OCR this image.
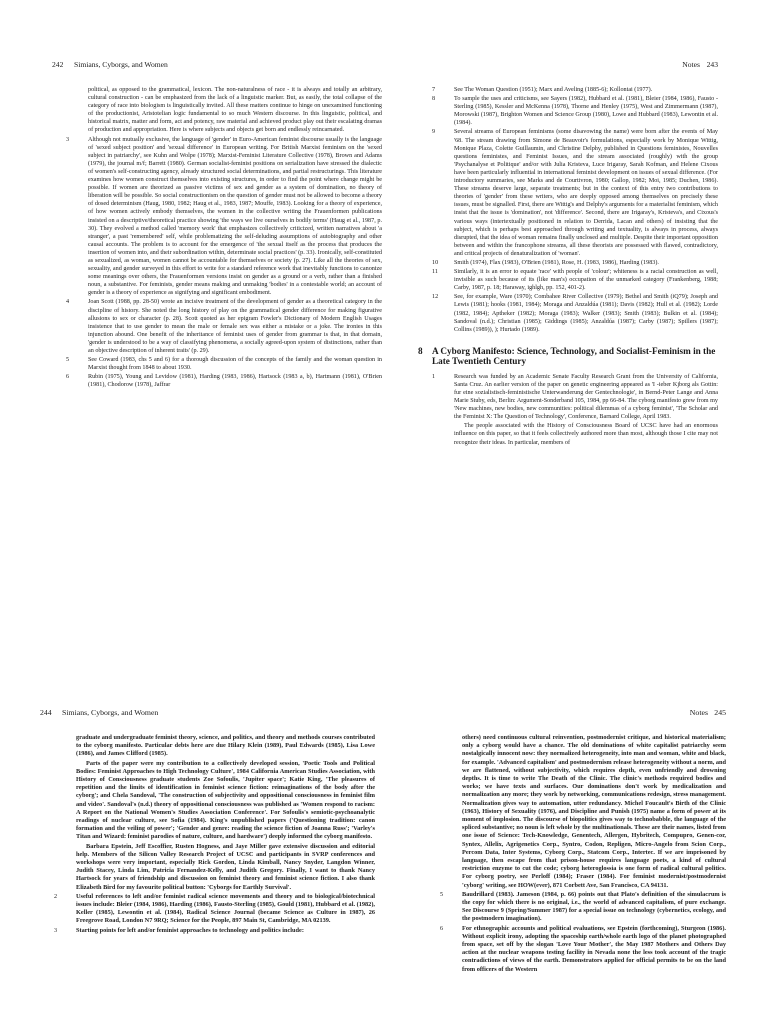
242 Simians, Cyborgs, and Women

political, as opposed to the grammatical, lexicon. The non-naturalness of race - it is always and totally an arbitrary, cultural construction - can be emphasized from the lack of a linguistic marker. But, as easily, the total collapse of the category of race into biologism is linguistically invited. All these matters continue to hinge on unexamined functioning of the productionist, Aristotelian logic fundamental to so much Western discourse. In this linguistic, political, and historical matrix, matter and form, act and potency, raw material and achieved product play out their escalating dramas of production and appropriation. Here is where subjects and objects get born and endlessly reincarnated.

3	Although not mutually exclusive, the language of 'gender' in Euro-American feminist discourse usually is the language of 'sexed subject position' and 'sexual difference' in European writing. For British Marxist feminism on the 'sexed subject in patriarchy', see Kuhn and Wolpe (1978); Marxist-Feminist Literature Collective (1978), Brown and Adams (1979), the journal m/f; Barrett (1980). German socialist-feminist positions on serialization have stressed the dialectic of women's self-constructing agency, already structured social determinations, and partial restructurings. This literature examines how women construct themselves into existing structures, in order to find the point where change might be possible. If women are theorized as passive victims of sex and gender as a system of domination, no theory of liberation will be possible. So social constructionism on the question of gender must not be allowed to become a theory of dosed determinism (Haug, 1980, 1982; Haug et al., 1983, 1987; Mouffe, 1983). Looking for a theory of experience, of how women actively embody themselves, the women in the collective writing the Frauenformen publications insisted on a descriptive/theoretical practice showing 'the ways we live ourselves in bodily terms' (Haug et al., 1987, p. 30). They evolved a method called 'memory work' that emphasizes collectively criticized, written narratives about 'a stranger', a past 'remembered' self, while problematizing the self-deluding assumptions of autobiography and other causal accounts. The problem is to account for the emergence of 'the sexual itself as the process that produces the insertion of women into, and their subordination within, determinate social practices' (p. 33). Ironically, self-constituted as sexualized, as woman, women cannot be accountable for themselves or society (p. 27). Like all the theories of sex, sexuality, and gender surveyed in this effort to write for a standard reference work that inevitably functions to canonize some meanings over others, the Frauenformen versions insist on gender as a ground or a verb, rather than a finished noun, a substantive. For feminists, gender means making and unmaking 'bodies' in a contestable world; an account of gender is a theory of experience as signifying and significant embodiment.

4	Joan Scott (1988, pp. 28-50) wrote an incisive treatment of the development of gender as a theoretical category in the discipline of history. She noted the long history of play on the grammatical gender difference for making figurative allusions to sex or character (p. 28). Scott quoted as her epigram Fowler's Dictionary of Modern English Usages insistence that to use gender to mean the male or female sex was either a mistake or a joke. The ironies in this injunction abound. One benefit of the inheritance of feminist uses of gender from grammar is that, in that domain, 'gender is understood to be a way of classifying phenomena, a socially agreed-upon system of distinctions, rather than an objective description of inherent traits' (p. 29).

5	See Coward (1983, chs 5 and 6) for a thorough discussion of the concepts of the family and the woman question in Marxist thought from 1848 to about 1930.

6	Rubin (1975), Young and Levidow (1981), Harding (1983, 1986), Hartsock (1983 a, b), Hartmann (1981), O'Brien (1981), Chodorow (1978), Jaffrar

Notes 243
7	See The Woman Question (1951); Marx and Aveling (1885-6); Kollontai (1977).

8	To sample the uses and criticisms, see Sayers (1982), Hubbard et al. (1981), Bleier (1984, 1986), Fausto -Sterling (1985), Kessler and McKenna (1978), Thorne and Henley (1975), West and Zimmermann (1987), Morowski (1987), Brighton Women and Science Group (1980), Lowe and Hubbard (1983), Lewontin et al. (1984).

9	Several streams of European feminisms (some disavowing the name) were born after the events of May '68. The stream drawing from Simone de Beauvoir's formulations, especially work by Monique Wittig, Monique Plaza, Colette Guillaumin, and Christine Delphy, published in Questions feministes, Nouvelles questions feministes, and Feminist Issues, and the stream associated (roughly) with the group 'Psychanalyse et Politique' and/or with Julia Kristeva, Luce Irigaray, Sarah Kofman, and Helene Cixous have been particularly influential in international feminist development on issues of sexual difference. (For introductory summaries, see Marks and de Courtivron, 1980; Gallop, 1982; Moi, 1985; Duchen, 1986). These streams deserve large, separate treatments; but in the context of this entry two contributions to theories of 'gender' from these writers, who are deeply opposed among themselves on precisely these issues, must be signalled. First, there are Wittig's and Delphy's arguments for a materialist feminism, which insist that the issue is 'domination', not 'difference'. Second, there are Irigaray's, Kristeva's, and Cixous's various ways (intertextually positioned in relation to Derrida, Lacan and others) of insisting that the subject, which is perhaps best approached through writing and textuality, is always in process, always disrupted, that the idea of woman remains finally unclosed and multiple. Despite their important opposition between and within the francophone streams, all these theorists are possessed with flawed, contradictory, and critical projects of denaturalization of 'woman'.

10	Smith (1974), Flax (1983), O'Brien (1981), Rose, H. (1983, 1986), Harding (1983).

11	Similarly, it is an error to equate 'race' with people of 'colour'; whiteness is a racial construction as well, invisible as such because of its (like man's) occupation of the unmarked category (Frankenberg, 1988; Carby, 1987, p. 18; Haraway, ighlgh, pp. 152, 401-2).

12	See, for example, Ware (1970); Combahee River Collective (1979); Bethel and Smith (iQ79); Joseph and Lewis (1981); hooks (1981, 1984); Moraga and Anzaldúa (1981); Davis (1982); Hull et al. (1982); Lorde (1982, 1984); Aptheker (1982); Moraga (1983); Walker (1983); Smith (1983); Bulkin et al. (1984); Sandoval (n.d.); Christian (1985); Giddings (1985); Anzaldúa (1987); Carby (1987); Spillers (1987); Collins (1989)), ); Hurtado (1989).

8 A Cyborg Manifesto: Science, Technology, and Socialist-Feminism in the Late Twentieth Century
1	Research was funded by an Academic Senate Faculty Research Grant from the University of California, Santa Cruz. An earlier version of the paper on genetic engineering appeared as 'I -ieber Kjborg als Gottin: fur eine sozialistisch-feministische Unterwanderung der Gentechnologie', in Bernd-Peter Lange and Anna Marie Stuby, eds, Berlin: Argument-Sonderband 105, 1984, pp 66-84. The cyborg manifesto grew from my 'New machines, new bodies, new communities: political dilemmas of a cyborg feminist', 'The Scholar and the Feminist X: The Question of Technology', Conference, Barnard College, April 1983.

The people associated with the History of Consciousness Board of UCSC have had an enormous influence on this paper, so that it feels collectively authored more than most, although those I cite may not recognize their ideas. In particular, members of

244 Simians, Cyborgs, and Women

graduate and undergraduate feminist theory, science, and politics, and theory and methods courses contributed to the cyborg manifesto. Particular debts here are due Hilary Klein (1989), Paul Edwards (1985), Lisa Lowe (1986), and James Clifford (1985).

Parts of the paper were my contribution to a collectively developed session, 'Poetic Tools and Political Bodies: Feminist Approaches to High Technology Culture', 1984 California American Studies Association, with History of Consciousness graduate students Zoe Sofoulis, 'Jupiter space'; Katie King, 'The pleasures of repetition and the limits of identification in feminist science fiction: reimaginations of the body after the cyborg'; and Chela Sandoval, 'The construction of subjectivity and oppositional consciousness in feminist film and video'. Sandoval's (n.d.) theory of oppositional consciousness was published as 'Women respond to racism: A Report on the National Women's Studies Association Conference'. For Sofoulis's semiotic-psychoanalytic readings of nuclear culture, see Sofia (1984). King's unpublished papers ('Questioning tradition: canon formation and the veiling of power'; 'Gender and genre: reading the science fiction of Joanna Russ'; 'Varley's Titan and Wizard: feminist parodies of nature, culture, and hardware') deeply informed the cyborg manifesto.

Barbara Epstein, Jeff Escoffier, Rusten Hogness, and Jaye Miller gave extensive discussion and editorial help. Members of the Silicon Valley Research Project of UCSC and participants in SVRP conferences and workshops were very important, especially Rick Gordon, Linda Kimball, Nancy Snyder, Langdon Winner, Judith Stacey, Linda Lim, Patricia Fernandez-Kelly, and Judith Gregory. Finally, I want to thank Nancy Hartsock for years of friendship and discussion on feminist theory and feminist science fiction. I also thank Elizabeth Bird for my favourite political button: 'Cyborgs for Earthly Survival'.

2	Useful references to left and/or feminist radical science movements and theory and to biological/biotechnical issues include: Bleier (1984, 1986), Harding (1986), Fausto-Sterling (1985), Gould (1981), Hubbard et al. (1982), Keller (1985), Lewontin et al. (1984), Radical Science Journal (became Science as Culture in 1987), 26 Freegrove Road, London N7 9RQ; Science for the People, 897 Main St, Cambridge, MA 02139.

3	Starting points for left and/or feminist approaches to technology and politics include:

Notes 245

others) need continuous cultural reinvention, postmodernist critique, and historical materialism; only a cyborg would have a chance. The old dominations of white capitalist patriarchy seem nostalgically innocent now: they normalized heterogeneity, into man and woman, white and black, for example. 'Advanced capitalism' and postmodernism release heterogeneity without a norm, and we are flattened, without subjectivity, which requires depth, even unfriendly and drowning depths. It is time to write The Death of the Clinic. The clinic's methods required bodies and works; we have texts and surfaces. Our dominations don't work by medicalization and normalization any more; they work by networking, communications redesign, stress management. Normalization gives way to automation, utter redundancy. Michel Foucault's Birth of the Clinic (1963), History of Sexuality (1976), and Discipline and Punish (1975) name a form of power at its moment of implosion. The discourse of biopolitics gives way to technobabble, the language of the spliced substantive; no noun is left whole by the multinationals. These are their names, listed from one issue of Science: Tech-Knowledge, Genentech, Allergen, Hybritech, Compupro, Genen-cor, Syntex, Allelix, Agrigenetics Corp., Syntro, Codon, Repligen, Micro-Angelo from Scion Corp., Percom Data, Inter Systems, Cyborg Corp., Statcom Corp., Intertec. If we are imprisoned by language, then escape from that prison-house requires language poets, a kind of cultural restriction enzyme to cut the code; cyborg heteroglossia is one form of radical cultural politics. For cyborg poetry, see Perloff (1984); Fraser (1984). For feminist modernist/postmodernist 'cyborg' writing, see HOW(ever), 871 Corbett Ave, San Francisco, CA 94131.

5	Baudrillard (1983). Jameson (1984, p. 66) points out that Plato's definition of the simulacrum is the copy for which there is no original, i.e., the world of advanced capitalism, of pure exchange. See Discourse 9 (Spring/Summer 1987) for a special issue on technology (cybernetics, ecology, and the postmodern imagination).

6	For ethnographic accounts and political evaluations, see Epstein (forthcoming), Sturgeon (1986). Without explicit irony, adopting the spaceship earth/whole earth logo of the planet photographed from space, set off by the slogan 'Love Your Mother', the May 1987 Mothers and Others Day action at the nuclear weapons testing facility in Nevada none the less took account of the tragic contradictions of views of the earth. Demonstrators applied for official permits to be on the land from officers of the Western
